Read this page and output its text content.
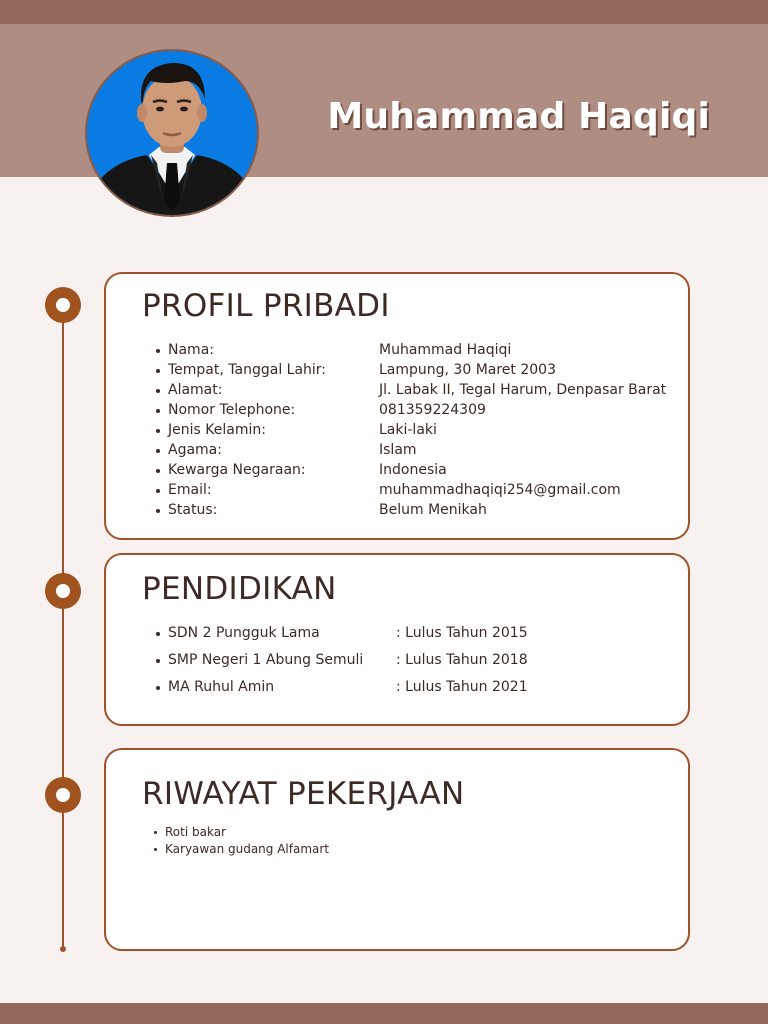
Muhammad Haqiqi
PROFIL PRIBADI
Nama:	Muhammad Haqiqi
Tempat, Tanggal Lahir:	Lampung, 30 Maret 2003
Alamat:	Jl. Labak II, Tegal Harum, Denpasar Barat
Nomor Telephone:	081359224309
Jenis Kelamin:	Laki-laki
Agama:	Islam
Kewarga Negaraan:	Indonesia
Email:	muhammadhaqiqi254@gmail.com
Status:	Belum Menikah
PENDIDIKAN
SDN 2 Pungguk Lama	: Lulus Tahun 2015
SMP Negeri 1 Abung Semuli : Lulus Tahun 2018
MA Ruhul Amin	: Lulus Tahun 2021
RIWAYAT PEKERJAAN
Roti bakar
Karyawan gudang Alfamart
